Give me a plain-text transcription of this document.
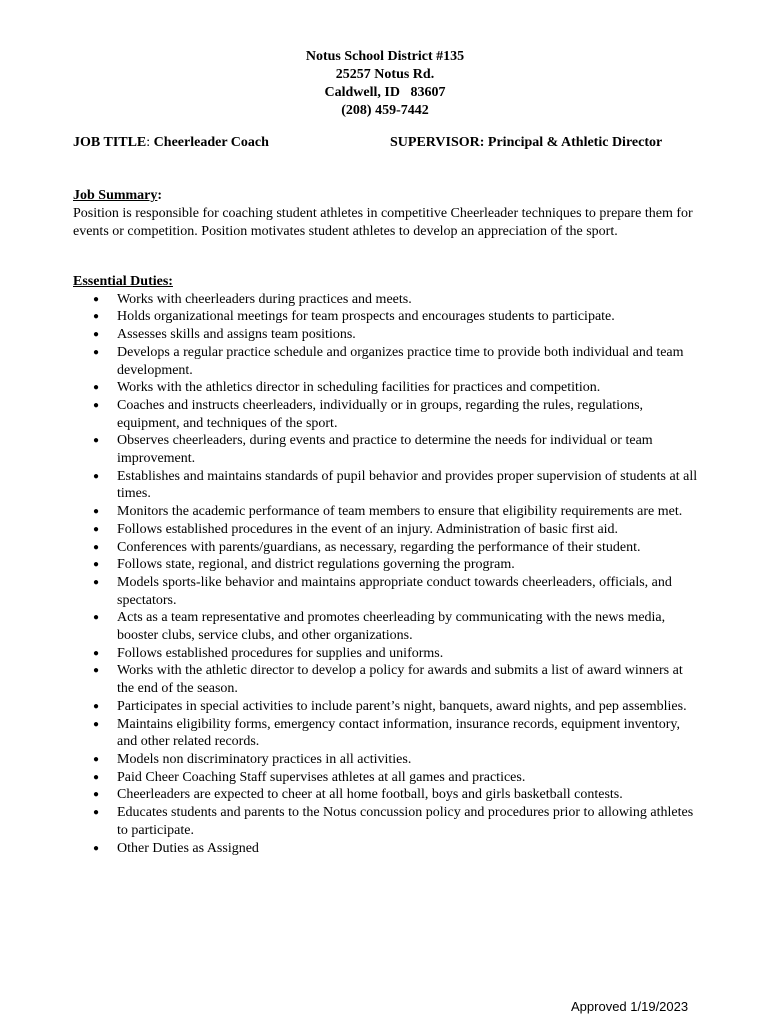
Notus School District #135
25257 Notus Rd.
Caldwell, ID   83607
(208) 459-7442
JOB TITLE: Cheerleader Coach	SUPERVISOR: Principal & Athletic Director
Job Summary:

Position is responsible for coaching student athletes in competitive Cheerleader techniques to prepare them for events or competition. Position motivates student athletes to develop an appreciation of the sport.

Essential Duties:
● Works with cheerleaders during practices and meets.
● Holds organizational meetings for team prospects and encourages students to participate.
● Assesses skills and assigns team positions.
● Develops a regular practice schedule and organizes practice time to provide both individual and team development.
● Works with the athletics director in scheduling facilities for practices and competition.
● Coaches and instructs cheerleaders, individually or in groups, regarding the rules, regulations, equipment, and techniques of the sport.
● Observes cheerleaders, during events and practice to determine the needs for individual or team improvement.
● Establishes and maintains standards of pupil behavior and provides proper supervision of students at all times.
● Monitors the academic performance of team members to ensure that eligibility requirements are met.
● Follows established procedures in the event of an injury. Administration of basic first aid.
● Conferences with parents/guardians, as necessary, regarding the performance of their student.
● Follows state, regional, and district regulations governing the program.
● Models sports-like behavior and maintains appropriate conduct towards cheerleaders, officials, and spectators.
● Acts as a team representative and promotes cheerleading by communicating with the news media, booster clubs, service clubs, and other organizations.
● Follows established procedures for supplies and uniforms.
● Works with the athletic director to develop a policy for awards and submits a list of award winners at the end of the season.
● Participates in special activities to include parent’s night, banquets, award nights, and pep assemblies.
● Maintains eligibility forms, emergency contact information, insurance records, equipment inventory, and other related records.
● Models non discriminatory practices in all activities.
● Paid Cheer Coaching Staff supervises athletes at all games and practices.
● Cheerleaders are expected to cheer at all home football, boys and girls basketball contests.
● Educates students and parents to the Notus concussion policy and procedures prior to allowing athletes to participate.
● Other Duties as Assigned
Approved 1/19/2023
